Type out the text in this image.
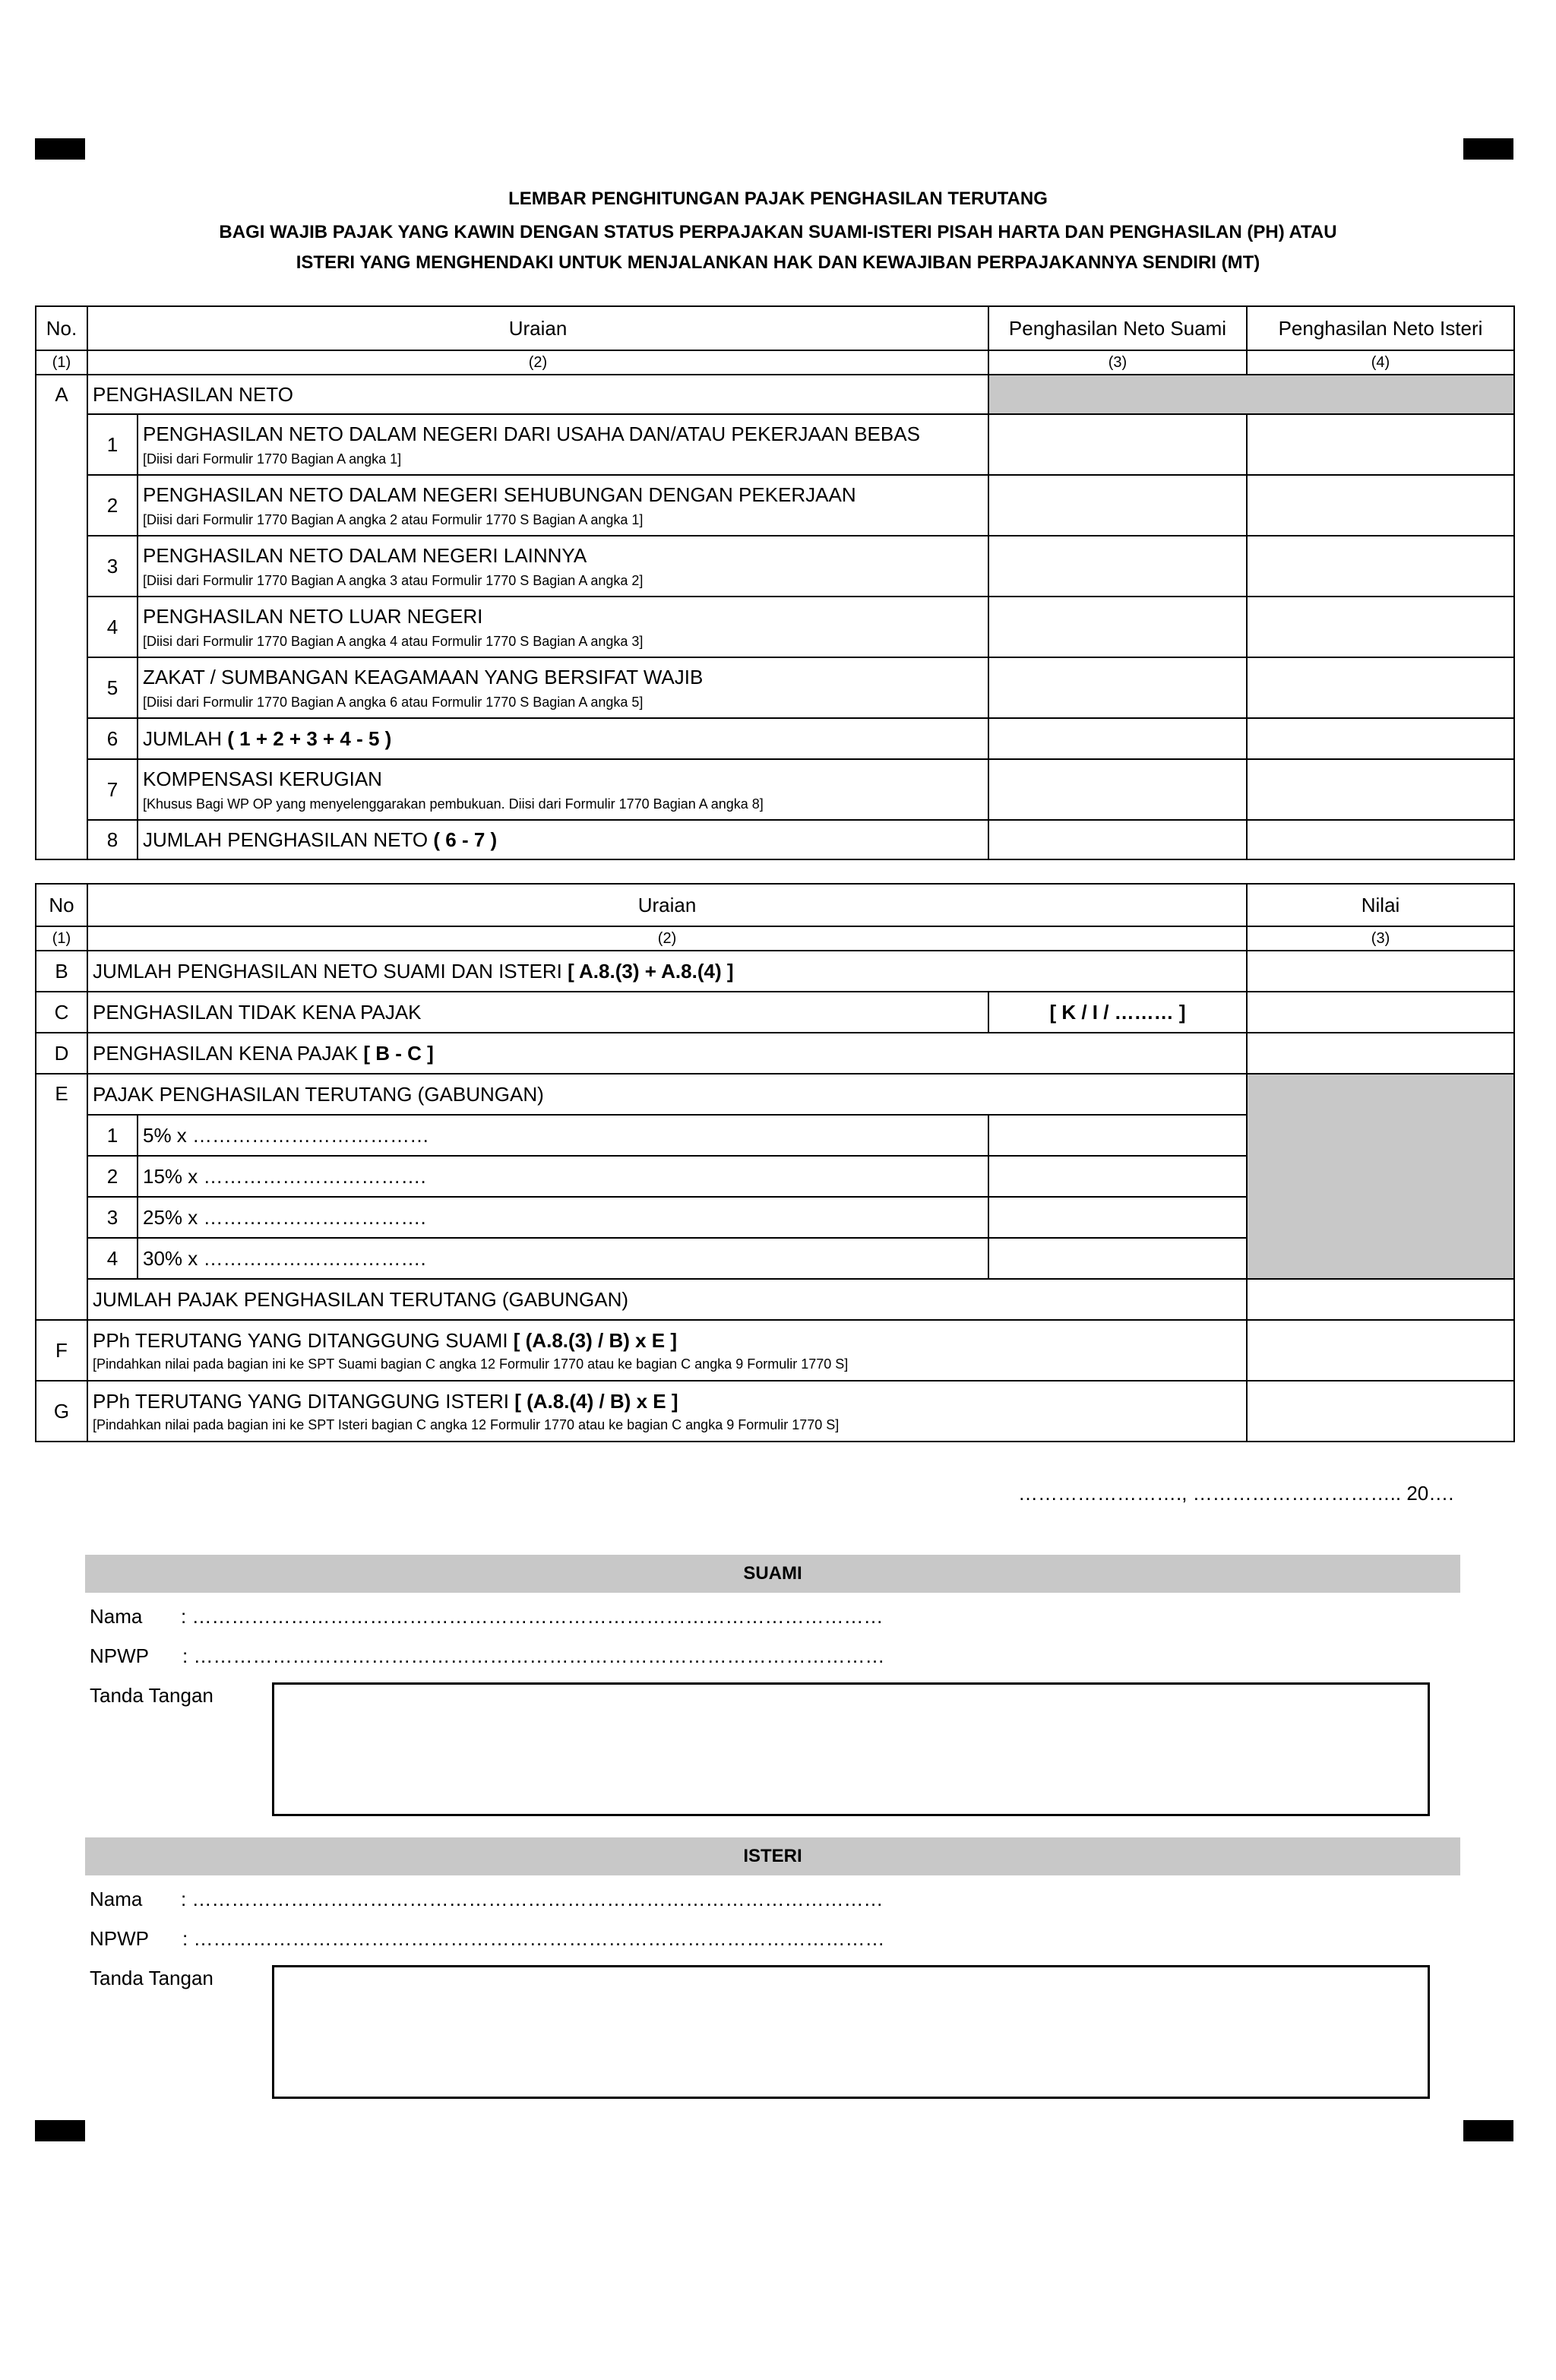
LEMBAR PENGHITUNGAN PAJAK PENGHASILAN TERUTANG
BAGI WAJIB PAJAK YANG KAWIN DENGAN STATUS PERPAJAKAN SUAMI-ISTERI PISAH HARTA DAN PENGHASILAN (PH) ATAU
ISTERI YANG MENGHENDAKI UNTUK MENJALANKAN HAK DAN KEWAJIBAN PERPAJAKANNYA SENDIRI (MT)
No.	Uraian		Penghasilan Neto Suami	Penghasilan Neto Isteri
(1)	(2)		(3)	(4)
A	PENGHASILAN NETO			
	1	PENGHASILAN NETO DALAM NEGERI DARI USAHA DAN/ATAU PEKERJAAN BEBAS
[Diisi dari Formulir 1770 Bagian A angka 1]		

	2	PENGHASILAN NETO DALAM NEGERI SEHUBUNGAN DENGAN PEKERJAAN
[Diisi dari Formulir 1770 Bagian A angka 2 atau Formulir 1770 S Bagian A angka 1]		

	3	PENGHASILAN NETO DALAM NEGERI LAINNYA
[Diisi dari Formulir 1770 Bagian A angka 3 atau Formulir 1770 S Bagian A angka 2]		

	4	PENGHASILAN NETO LUAR NEGERI
[Diisi dari Formulir 1770 Bagian A angka 4 atau Formulir 1770 S Bagian A angka 3]		

	5	ZAKAT / SUMBANGAN KEAGAMAAN YANG BERSIFAT WAJIB
[Diisi dari Formulir 1770 Bagian A angka 6 atau Formulir 1770 S Bagian A angka 5]		

	6	JUMLAH ( 1 + 2 + 3 + 4 - 5 )		
	7	KOMPENSASI KERUGIAN
[Khusus Bagi WP OP yang menyelenggarakan pembukuan. Diisi dari Formulir 1770 Bagian A angka 8]		

	8	JUMLAH PENGHASILAN NETO ( 6 - 7 )		
No	Uraian			Nilai
(1)	(2)			(3)
B	JUMLAH PENGHASILAN NETO SUAMI DAN ISTERI [ A.8.(3) + A.8.(4) ]			
C	PENGHASILAN TIDAK KENA PAJAK		[ K / I / ……… ]	
D	PENGHASILAN KENA PAJAK [ B - C ]			
E	PAJAK PENGHASILAN TERUTANG (GABUNGAN)			
	1	5% x ………………………………		
	2	15% x …………………………….		
	3	25% x …………………………….		
	4	30% x …………………………….		
	JUMLAH PAJAK PENGHASILAN TERUTANG (GABUNGAN)			
F	PPh TERUTANG YANG DITANGGUNG SUAMI [ (A.8.(3) / B) x E ]
[Pindahkan nilai pada bagian ini ke SPT Suami bagian C angka 12 Formulir 1770 atau ke bagian C angka 9 Formulir 1770 S]			

G	PPh TERUTANG YANG DITANGGUNG ISTERI [ (A.8.(4) / B) x E ]
[Pindahkan nilai pada bagian ini ke SPT Isteri bagian C angka 12 Formulir 1770 atau ke bagian C angka 9 Formulir 1770 S]			

……………………., ………………………….. 20….
SUAMI
Nama : ……………………………………………………………………………………………
NPWP : ……………………………………………………………………………………………
Tanda Tangan
ISTERI
Nama : ……………………………………………………………………………………………
NPWP : ……………………………………………………………………………………………
Tanda Tangan
